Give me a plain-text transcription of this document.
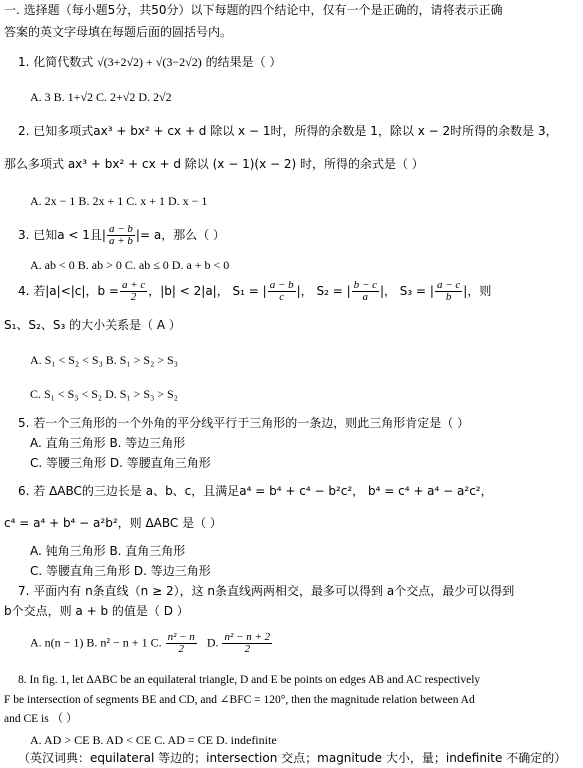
一. 选择题（每小题5分，共50分）以下每题的四个结论中，仅有一个是正确的，请将表示正确
答案的英文字母填在每题后面的圆括号内。
1. 化简代数式 √(3+2√2) + √(3−2√2) 的结果是（ ）
A. 3 B. 1+√2 C. 2+√2 D. 2√2
2. 已知多项式ax³ + bx² + cx + d 除以 x − 1时，所得的余数是 1，除以 x − 2时所得的余数是 3，
那么多项式 ax³ + bx² + cx + d 除以 (x − 1)(x − 2) 时，所得的余式是（ ）
A. 2x − 1 B. 2x + 1 C. x + 1 D. x − 1
3. 已知a < 1且| $\frac{a - b}{a + b}$ |= a，那么（ ）
A. ab < 0 B. ab > 0 C. ab ≤ 0 D. a + b < 0
4. 若|a|<|c|，$b = \frac{a + c}{2}$ ，|b| < 2|a|， S₁ = | $\frac{a - b}{c}$ |， S₂ = | $\frac{b - c}{a}$ |， S₃ = | $\frac{a - c}{b}$ |，则
S₁、S₂、S₃ 的大小关系是（ A ）
A. S₁ < S₂ < S₃ B. S₁ > S₂ > S₃
C. S₁ < S₃ < S₂ D. S₁ > S₃ > S₂
5. 若一个三角形的一个外角的平分线平行于三角形的一条边，则此三角形肯定是（ ）
A. 直角三角形 B. 等边三角形
C. 等腰三角形 D. 等腰直角三角形
6. 若 ΔABC的三边长是 a、b、c，且满足a⁴ = b⁴ + c⁴ − b²c²， b⁴ = c⁴ + a⁴ − a²c²，
c⁴ = a⁴ + b⁴ − a²b²，则 ΔABC 是（ ）
A. 钝角三角形 B. 直角三角形
C. 等腰直角三角形 D. 等边三角形
7. 平面内有 n条直线（n ≥ 2），这 n条直线两两相交，最多可以得到 a个交点，最少可以得到
b个交点，则 a + b 的值是（ D ）
A. n(n − 1) B. n² − n + 1 C. $\frac{\text{n² − n}}{2} D$. $\frac{\text{n² − n + 2}}{2}$
8. In fig. 1, let ΔABC be an equilateral triangle, D and E be points on edges AB and AC respectively
F be intersection of segments BE and CD, and ∠BFC = 120°, then the magnitude relation between Ad
and CE is （ ）
A. AD > CE B. AD < CE C. AD = CE D. indefinite
（英汉词典：equilateral 等边的；intersection 交点；magnitude 大小，量；indefinite 不确定的）
